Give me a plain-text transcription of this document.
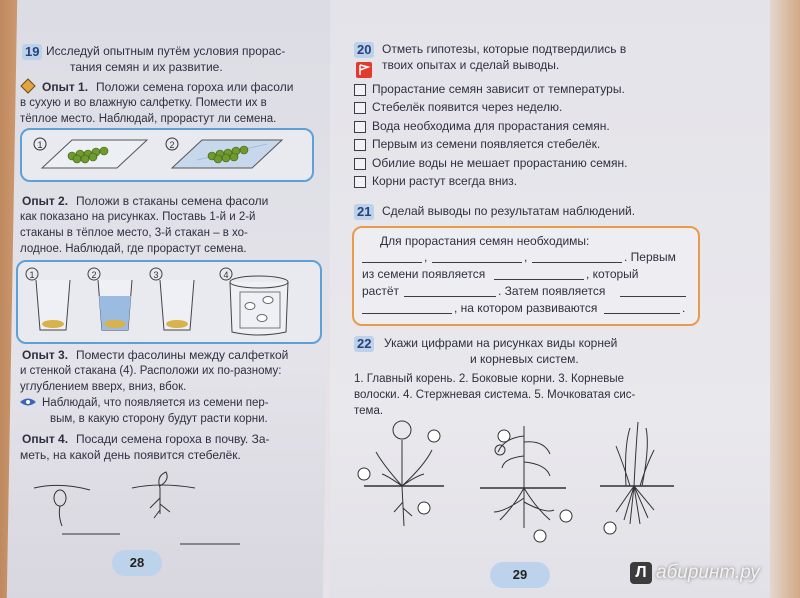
19 Исследуй опытным путём условия прорас-
тания семян и их развитие.
Опыт 1. Положи семена гороха или фасоли
в сухую и во влажную салфетку. Помести их в
тёплое место. Наблюдай, прорастут ли семена.
1	2
Опыт 2. Положи в стаканы семена фасоли
как показано на рисунках. Поставь 1-й и 2-й
стаканы в тёплое место, 3-й стакан – в хо-
лодное. Наблюдай, где прорастут семена.
1	2	3	4
Опыт 3. Помести фасолины между салфеткой
и стенкой стакана (4). Расположи их по-разному:
углублением вверх, вниз, вбок.
Наблюдай, что появляется из семени пер-
вым, в какую сторону будут расти корни.
Опыт 4. Посади семена гороха в почву. За-
меть, на какой день появится стебелёк.
28
20 Отметь гипотезы, которые подтвердились в
твоих опытах и сделай выводы.
Прорастание семян зависит от температуры.
Стебелёк появится через неделю.
Вода необходима для прорастания семян.
Первым из семени появляется стебелёк.
Обилие воды не мешает прорастанию семян.
Корни растут всегда вниз.
21 Сделай выводы по результатам наблюдений.
Для прорастания семян необходимы:
,	,	. Первым
из семени появляется	, который
растёт	. Затем появляется
, на котором развиваются	.
22 Укажи цифрами на рисунках виды корней
и корневых систем.
1. Главный корень. 2. Боковые корни. 3. Корневые
волоски. 4. Стержневая система. 5. Мочковатая сис-
тема.
29	Л абиринт.ру
